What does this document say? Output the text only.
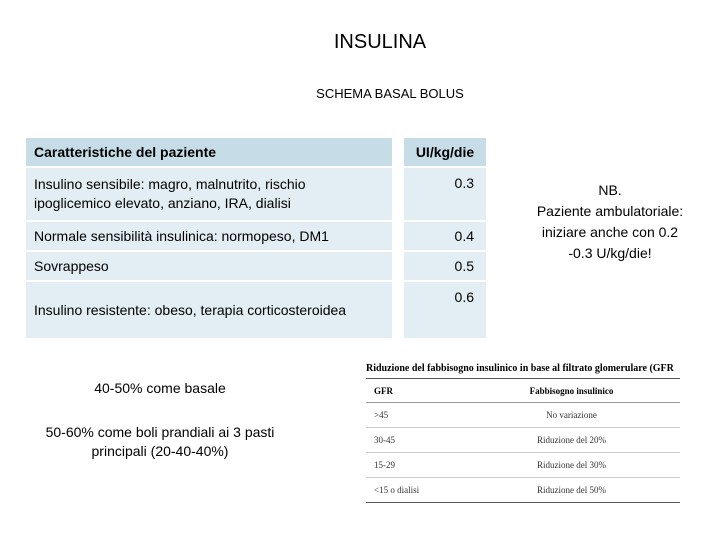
INSULINA
SCHEMA BASAL BOLUS
Caratteristiche del paziente	UI/kg/die
Insulino sensibile: magro, malnutrito, rischio ipoglicemico elevato, anziano, IRA, dialisi	0.3
Normale sensibilità insulinica: normopeso, DM1	0.4
Sovrappeso	0.5
Insulino resistente: obeso, terapia corticosteroidea	0.6
NB.
Paziente ambulatoriale:
iniziare anche con 0.2
-0.3 U/kg/die!
40-50% come basale
50-60% come boli prandiali ai 3 pasti principali (20-40-40%)
Riduzione del fabbisogno insulinico in base al filtrato glomerulare (GFR
GFR	Fabbisogno insulinico
>45	No variazione
30-45	Riduzione del 20%
15-29	Riduzione del 30%
<15 o dialisi	Riduzione del 50%
